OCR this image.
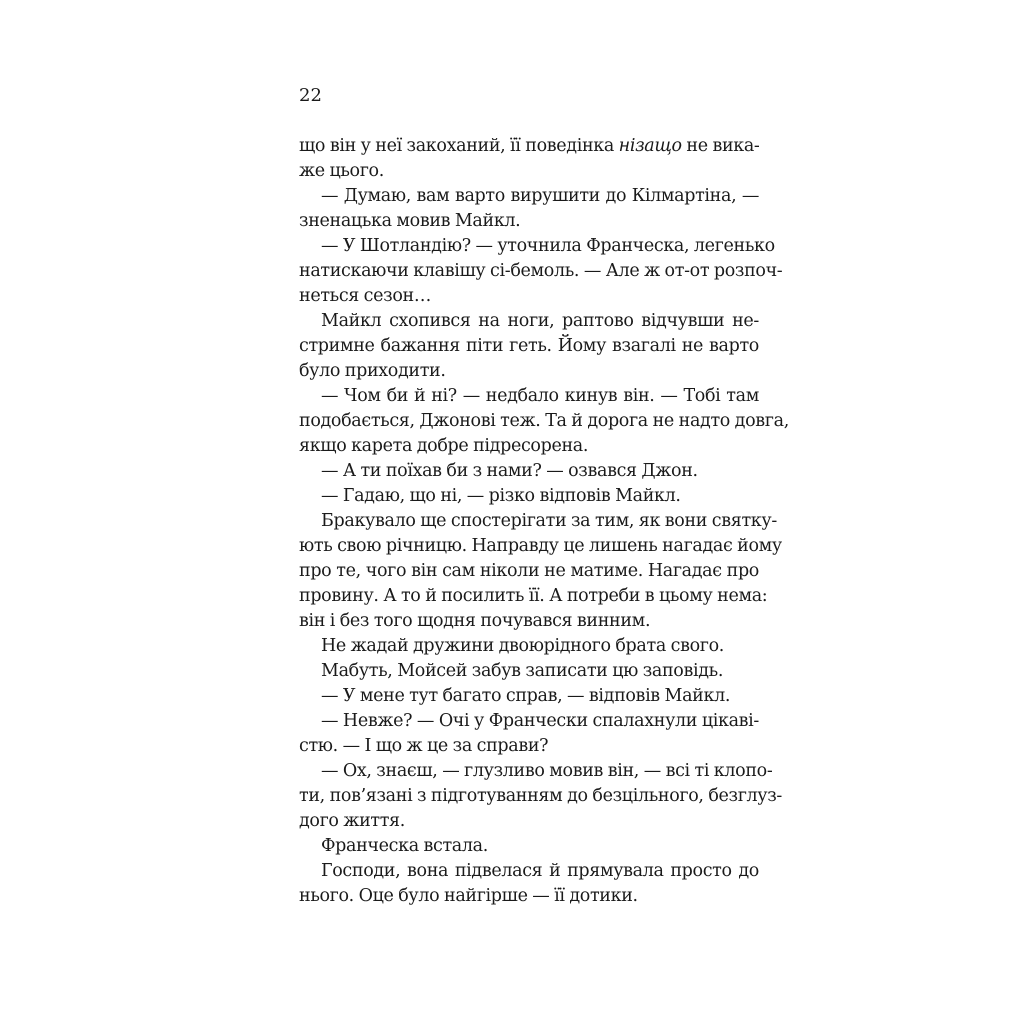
22
що він у неї закоханий, її поведінка нізащо не вика-
же цього.
— Думаю, вам варто вирушити до Кілмартіна, —
зненацька мовив Майкл.
— У Шотландію? — уточнила Франческа, легенько
натискаючи клавішу сі-бемоль. — Але ж от-от розпоч-
неться сезон…
Майкл схопився на ноги, раптово відчувши не-
стримне бажання піти геть. Йому взагалі не варто
було приходити.
— Чом би й ні? — недбало кинув він. — Тобі там
подобається, Джонові теж. Та й дорога не надто довга,
якщо карета добре підресорена.
— А ти поїхав би з нами? — озвався Джон.
— Гадаю, що ні, — різко відповів Майкл.
Бракувало ще спостерігати за тим, як вони святку-
ють свою річницю. Направду це лишень нагадає йому
про те, чого він сам ніколи не матиме. Нагадає про
провину. А то й посилить її. А потреби в цьому нема:
він і без того щодня почувався винним.
Не жадай дружини двоюрідного брата свого.
Мабуть, Мойсей забув записати цю заповідь.
— У мене тут багато справ, — відповів Майкл.
— Невже? — Очі у Франчески спалахнули цікаві-
стю. — І що ж це за справи?
— Ох, знаєш, — глузливо мовив він, — всі ті клопо-
ти, пов’язані з підготуванням до безцільного, безглуз-
дого життя.
Франческа встала.
Господи, вона підвелася й прямувала просто до
нього. Оце було найгірше — її дотики.
